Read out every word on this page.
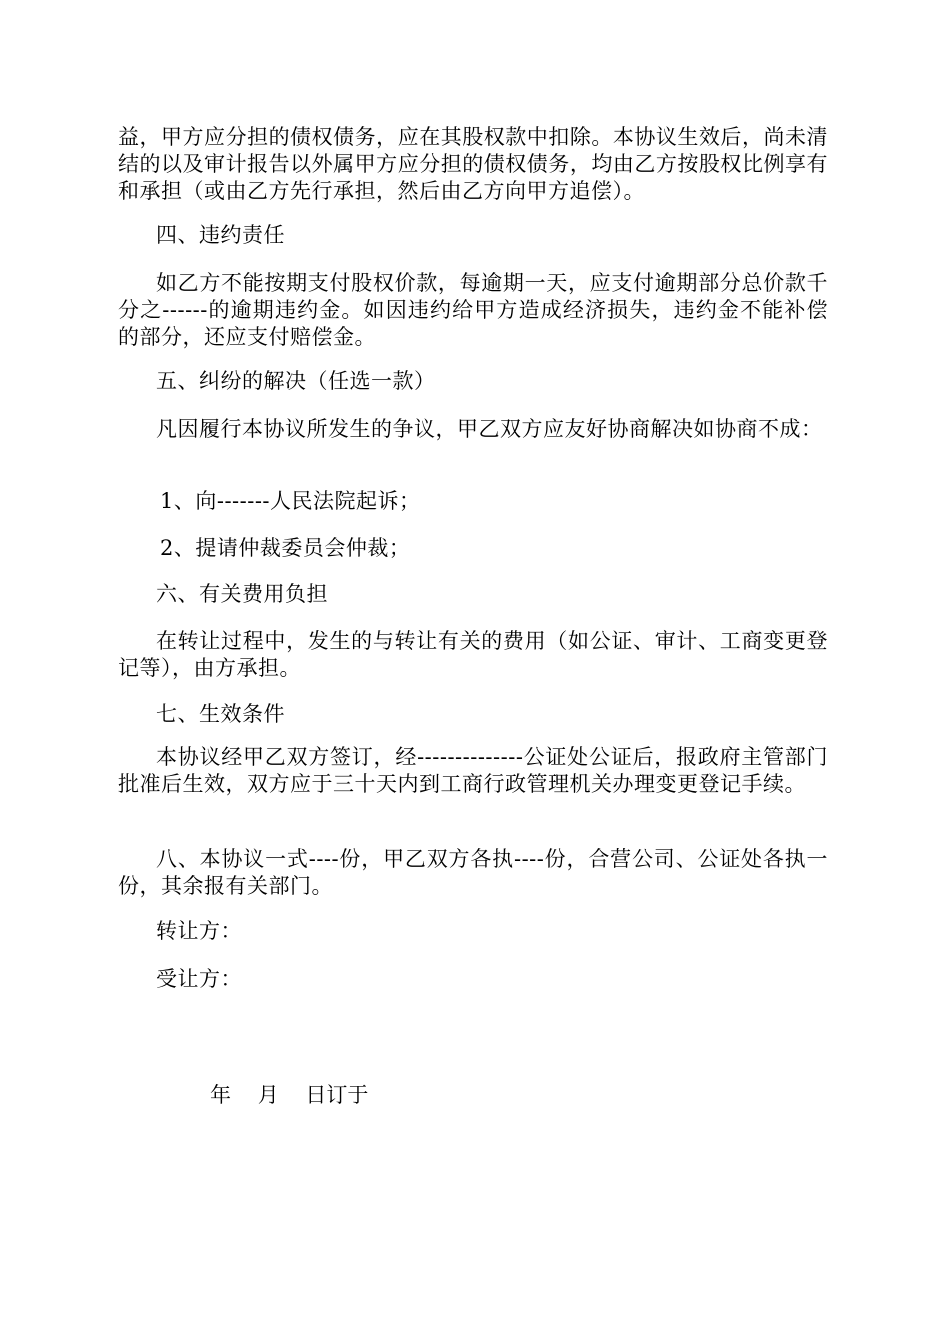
益，甲方应分担的债权债务，应在其股权款中扣除。本协议生效后，尚未清结的以及审计报告以外属甲方应分担的债权债务，均由乙方按股权比例享有和承担（或由乙方先行承担，然后由乙方向甲方追偿）。
四、违约责任
如乙方不能按期支付股权价款，每逾期一天，应支付逾期部分总价款千分之------的逾期违约金。如因违约给甲方造成经济损失，违约金不能补偿的部分，还应支付赔偿金。
五、纠纷的解决（任选一款）
凡因履行本协议所发生的争议，甲乙双方应友好协商解决如协商不成：
1、向-------人民法院起诉；
2、提请仲裁委员会仲裁；
六、有关费用负担
在转让过程中，发生的与转让有关的费用（如公证、审计、工商变更登记等），由方承担。
七、生效条件
本协议经甲乙双方签订，经--------------公证处公证后，报政府主管部门批准后生效，双方应于三十天内到工商行政管理机关办理变更登记手续。
八、本协议一式----份，甲乙双方各执----份，合营公司、公证处各执一份，其余报有关部门。
转让方：
受让方：
年    月    日订于
